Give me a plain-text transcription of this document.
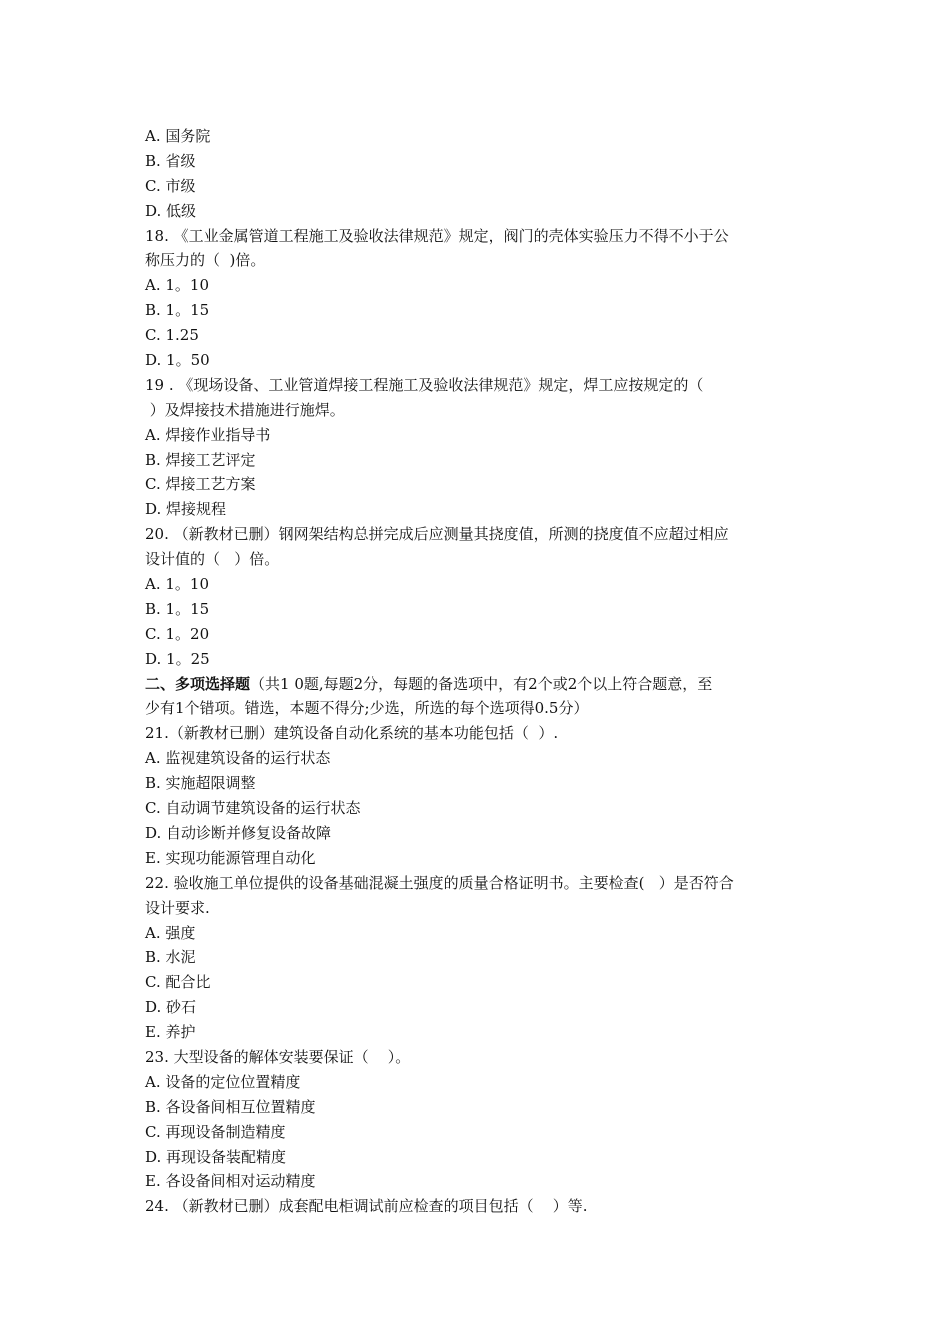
A. 国务院
B. 省级
C. 市级
D. 低级
18. 《工业金属管道工程施工及验收法律规范》规定，阀门的壳体实验压力不得不小于公
称压力的（  )倍。
A. 1。10
B. 1。15
C. 1.25
D. 1。50
19 . 《现场设备、工业管道焊接工程施工及验收法律规范》规定，焊工应按规定的（
）及焊接技术措施进行施焊。
A. 焊接作业指导书
B. 焊接工艺评定
C. 焊接工艺方案
D. 焊接规程
20. （新教材已删）钢网架结构总拼完成后应测量其挠度值，所测的挠度值不应超过相应
设计值的（   ）倍。
A. 1。10
B. 1。15
C. 1。20
D. 1。25
二、多项选择题（共1 0题,每题2分，每题的备选项中，有2个或2个以上符合题意，至
少有1个错项。错选，本题不得分;少选，所选的每个选项得0.5分）
21.（新教材已删）建筑设备自动化系统的基本功能包括（  ）.
A. 监视建筑设备的运行状态
B. 实施超限调整
C. 自动调节建筑设备的运行状态
D. 自动诊断并修复设备故障
E. 实现功能源管理自动化
22. 验收施工单位提供的设备基础混凝土强度的质量合格证明书。主要检查(   ）是否符合
设计要求.
A. 强度
B. 水泥
C. 配合比
D. 砂石
E. 养护
23. 大型设备的解体安装要保证（    ）。
A. 设备的定位位置精度
B. 各设备间相互位置精度
C. 再现设备制造精度
D. 再现设备装配精度
E. 各设备间相对运动精度
24. （新教材已删）成套配电柜调试前应检查的项目包括（    ）等.
